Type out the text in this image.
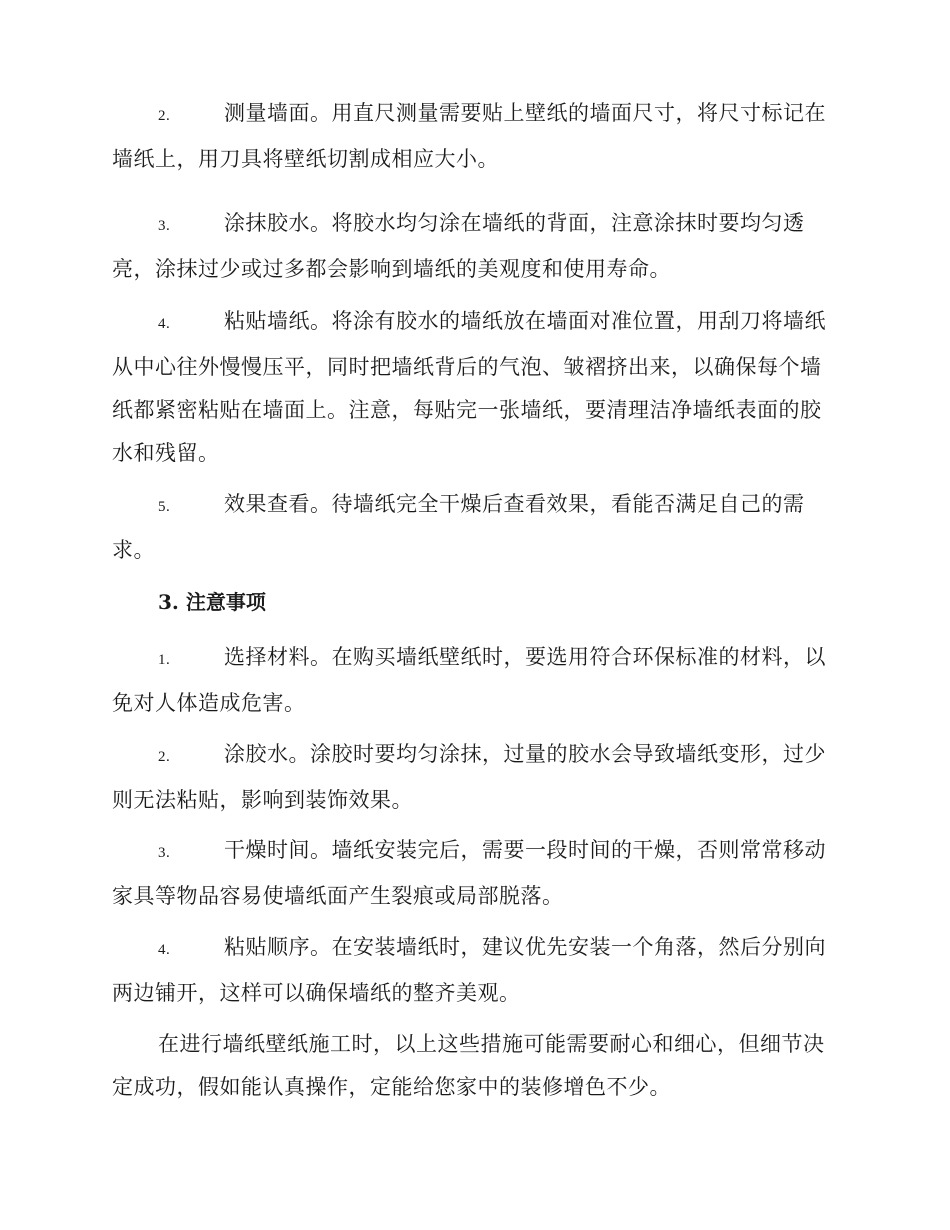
2.	测量墙面。用直尺测量需要贴上壁纸的墙面尺寸，将尺寸标记在墙纸上，用刀具将壁纸切割成相应大小。

3.	涂抹胶水。将胶水均匀涂在墙纸的背面，注意涂抹时要均匀透亮，涂抹过少或过多都会影响到墙纸的美观度和使用寿命。

4.	粘贴墙纸。将涂有胶水的墙纸放在墙面对准位置，用刮刀将墙纸从中心往外慢慢压平，同时把墙纸背后的气泡、皱褶挤出来，以确保每个墙纸都紧密粘贴在墙面上。注意，每贴完一张墙纸，要清理洁净墙纸表面的胶水和残留。

5.	效果查看。待墙纸完全干燥后查看效果，看能否满足自己的需求。

3. 注意事项

1.	选择材料。在购买墙纸壁纸时，要选用符合环保标准的材料，以免对人体造成危害。

2.	涂胶水。涂胶时要均匀涂抹，过量的胶水会导致墙纸变形，过少则无法粘贴，影响到装饰效果。

3.	干燥时间。墙纸安装完后，需要一段时间的干燥，否则常常移动家具等物品容易使墙纸面产生裂痕或局部脱落。

4.	粘贴顺序。在安装墙纸时，建议优先安装一个角落，然后分别向两边铺开，这样可以确保墙纸的整齐美观。

在进行墙纸壁纸施工时，以上这些措施可能需要耐心和细心，但细节决定成功，假如能认真操作，定能给您家中的装修增色不少。
